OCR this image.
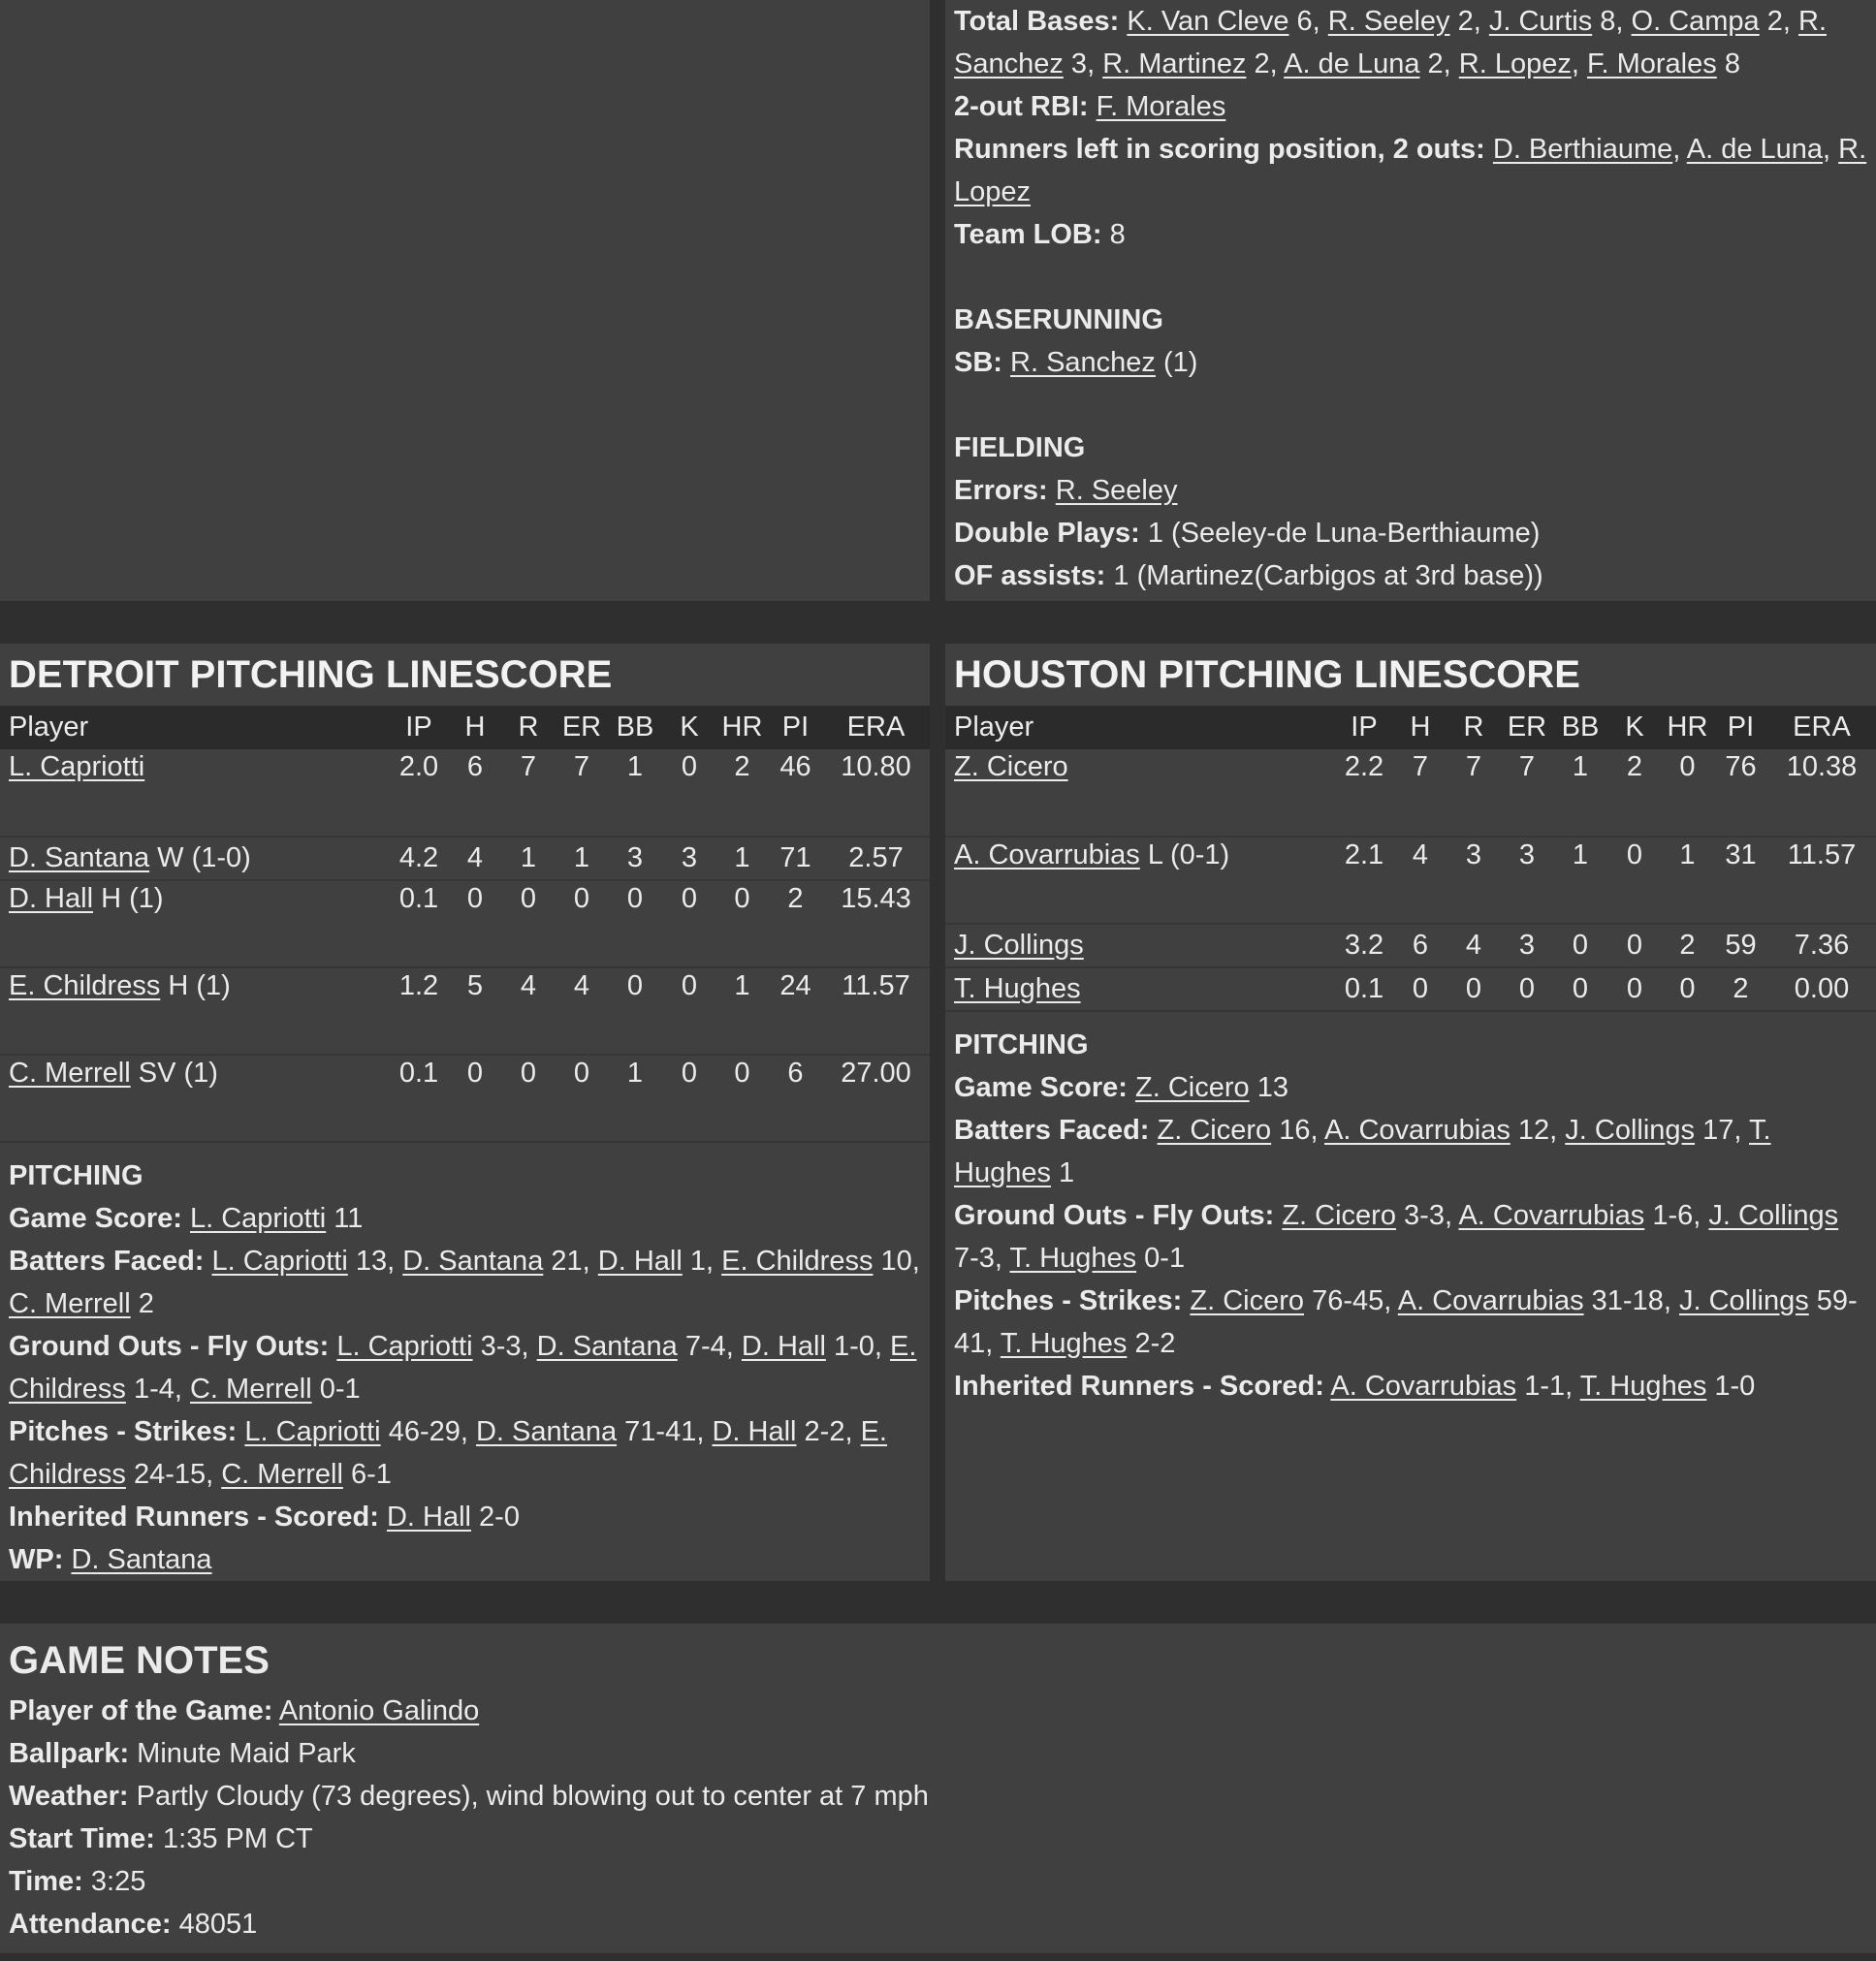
Total Bases: K. Van Cleve 6, R. Seeley 2, J. Curtis 8, O. Campa 2, R. Sanchez 3, R. Martinez 2, A. de Luna 2, R. Lopez, F. Morales 8
2-out RBI: F. Morales
Runners left in scoring position, 2 outs: D. Berthiaume, A. de Luna, R. Lopez
Team LOB: 8
BASERUNNING
SB: R. Sanchez (1)
FIELDING
Errors: R. Seeley
Double Plays: 1 (Seeley-de Luna-Berthiaume)
OF assists: 1 (Martinez(Carbigos at 3rd base))
DETROIT PITCHING LINESCORE
Player	IP	H	R	ER	BB	K	HR	PI	ERA
L. Capriotti	2.0	6	7	7	1	0	2	46	10.80
D. Santana W (1-0)	4.2	4	1	1	3	3	1	71	2.57
D. Hall H (1)	0.1	0	0	0	0	0	0	2	15.43
E. Childress H (1)	1.2	5	4	4	0	0	1	24	11.57
C. Merrell SV (1)	0.1	0	0	0	1	0	0	6	27.00
PITCHING
Game Score: L. Capriotti 11
Batters Faced: L. Capriotti 13, D. Santana 21, D. Hall 1, E. Childress 10, C. Merrell 2
Ground Outs - Fly Outs: L. Capriotti 3-3, D. Santana 7-4, D. Hall 1-0, E. Childress 1-4, C. Merrell 0-1
Pitches - Strikes: L. Capriotti 46-29, D. Santana 71-41, D. Hall 2-2, E. Childress 24-15, C. Merrell 6-1
Inherited Runners - Scored: D. Hall 2-0
WP: D. Santana
HOUSTON PITCHING LINESCORE
Player	IP	H	R	ER	BB	K	HR	PI	ERA
Z. Cicero	2.2	7	7	7	1	2	0	76	10.38
A. Covarrubias L (0-1)	2.1	4	3	3	1	0	1	31	11.57
J. Collings	3.2	6	4	3	0	0	2	59	7.36
T. Hughes	0.1	0	0	0	0	0	0	2	0.00
PITCHING
Game Score: Z. Cicero 13
Batters Faced: Z. Cicero 16, A. Covarrubias 12, J. Collings 17, T. Hughes 1
Ground Outs - Fly Outs: Z. Cicero 3-3, A. Covarrubias 1-6, J. Collings 7-3, T. Hughes 0-1
Pitches - Strikes: Z. Cicero 76-45, A. Covarrubias 31-18, J. Collings 59-41, T. Hughes 2-2
Inherited Runners - Scored: A. Covarrubias 1-1, T. Hughes 1-0
GAME NOTES
Player of the Game: Antonio Galindo
Ballpark: Minute Maid Park
Weather: Partly Cloudy (73 degrees), wind blowing out to center at 7 mph
Start Time: 1:35 PM CT
Time: 3:25
Attendance: 48051
